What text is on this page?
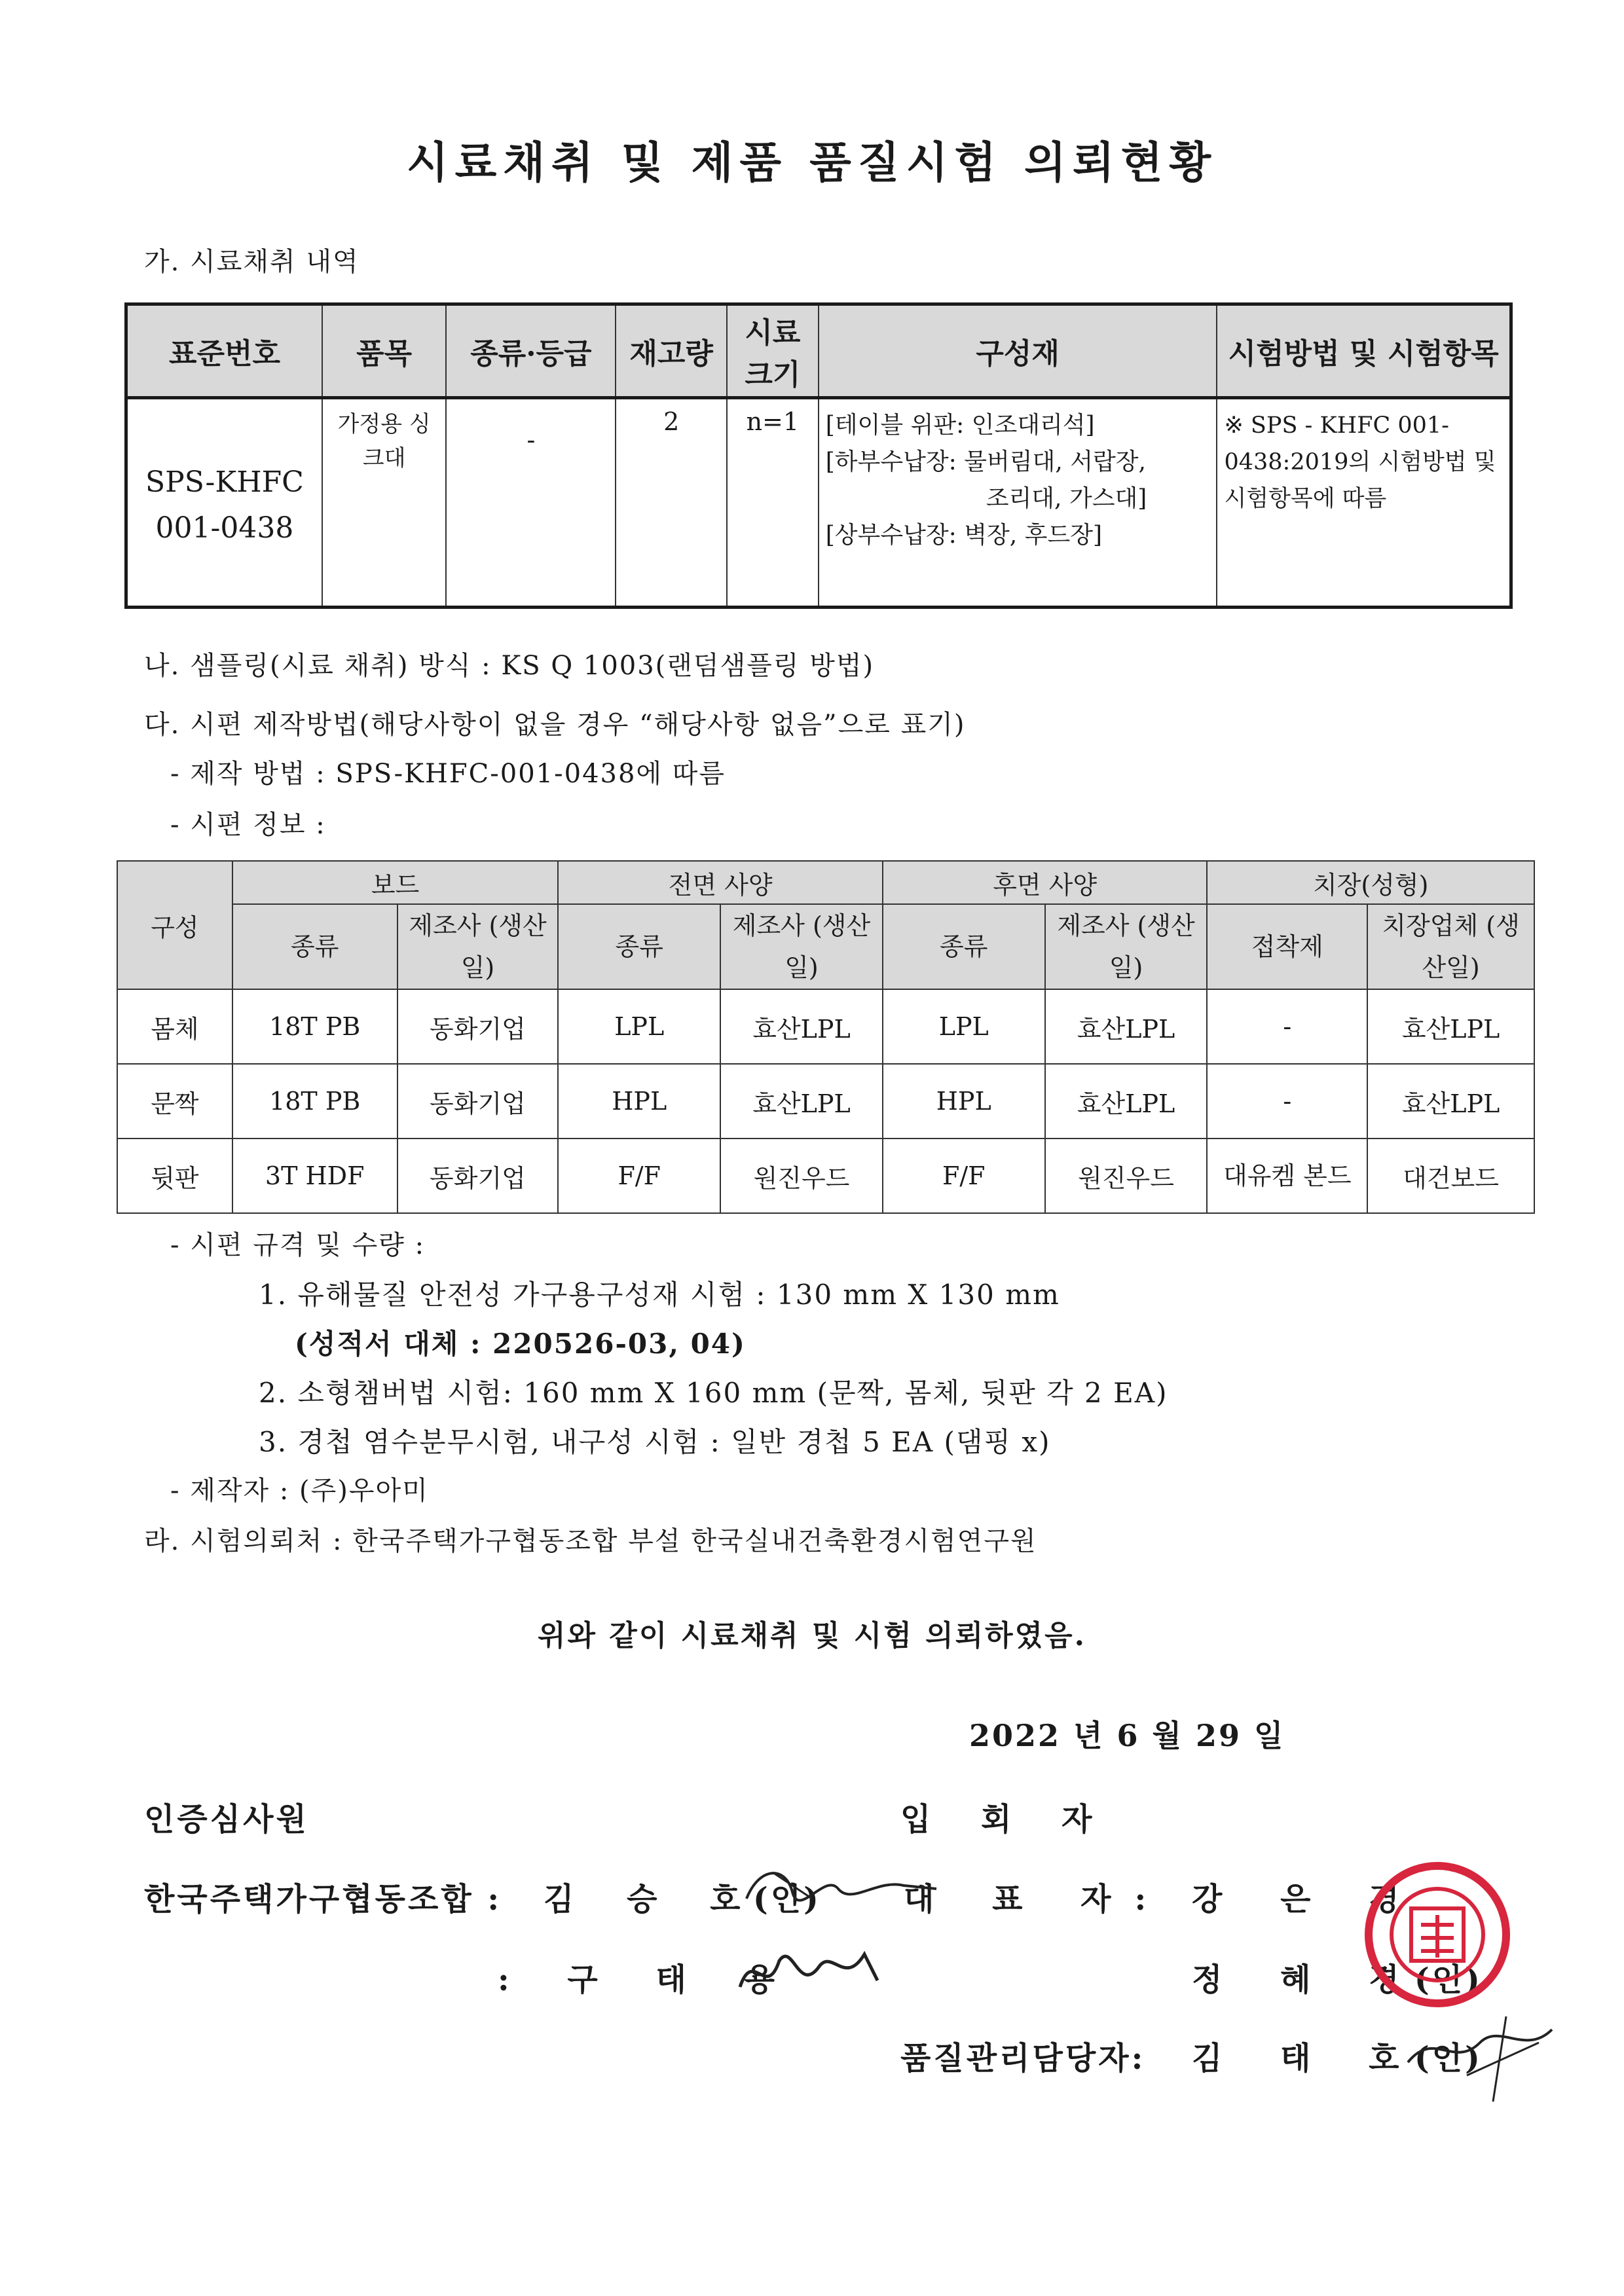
시료채취 및 제품 품질시험 의뢰현황
가. 시료채취 내역
표준번호	품목	종류·등급	재고량	시료 크기	구성재	시험방법 및 시험항목
SPS-KHFC 001-0438	가정용 싱크대	-	2	n=1	[테이블 위판: 인조대리석]
[하부수납장: 물버림대, 서랍장,
조리대, 가스대]
[상부수납장: 벽장, 후드장]	※ SPS - KHFC 001-0438:2019의 시험방법 및 시험항목에 따름
나. 샘플링(시료 채취) 방식 : KS Q 1003(랜덤샘플링 방법)
다. 시편 제작방법(해당사항이 없을 경우 “해당사항 없음”으로 표기)
- 제작 방법 : SPS-KHFC-001-0438에 따름
- 시편 정보 :
구성	보드		전면 사양		후면 사양		치장(성형)	
	종류	제조사 (생산일)	종류	제조사 (생산일)	종류	제조사 (생산일)	접착제	치장업체 (생산일)
몸체	18T PB	동화기업	LPL	효산LPL	LPL	효산LPL	-	효산LPL
문짝	18T PB	동화기업	HPL	효산LPL	HPL	효산LPL	-	효산LPL
뒷판	3T HDF	동화기업	F/F	원진우드	F/F	원진우드	대유켐 본드	대건보드
- 시편 규격 및 수량 :
1. 유해물질 안전성 가구용구성재 시험 : 130 mm X 130 mm
(성적서 대체 : 220526-03, 04)
2. 소형챔버법 시험: 160 mm X 160 mm (문짝, 몸체, 뒷판 각 2 EA)
3. 경첩 염수분무시험, 내구성 시험 : 일반 경첩 5 EA (댐핑 x)
- 제작자 : (주)우아미
라. 시험의뢰처 : 한국주택가구협동조합 부설 한국실내건축환경시험연구원
위와 같이 시료채취 및 시험 의뢰하였음.
2022 년 6 월 29 일
인증심사원	입 회 자
한국주택가구협동조합 : 김 승 호
(인)	대 표 자: 강 은 경
: 구 태 용	정 혜 경
(인)
품질관리담당자: 김 태 호
(인)
